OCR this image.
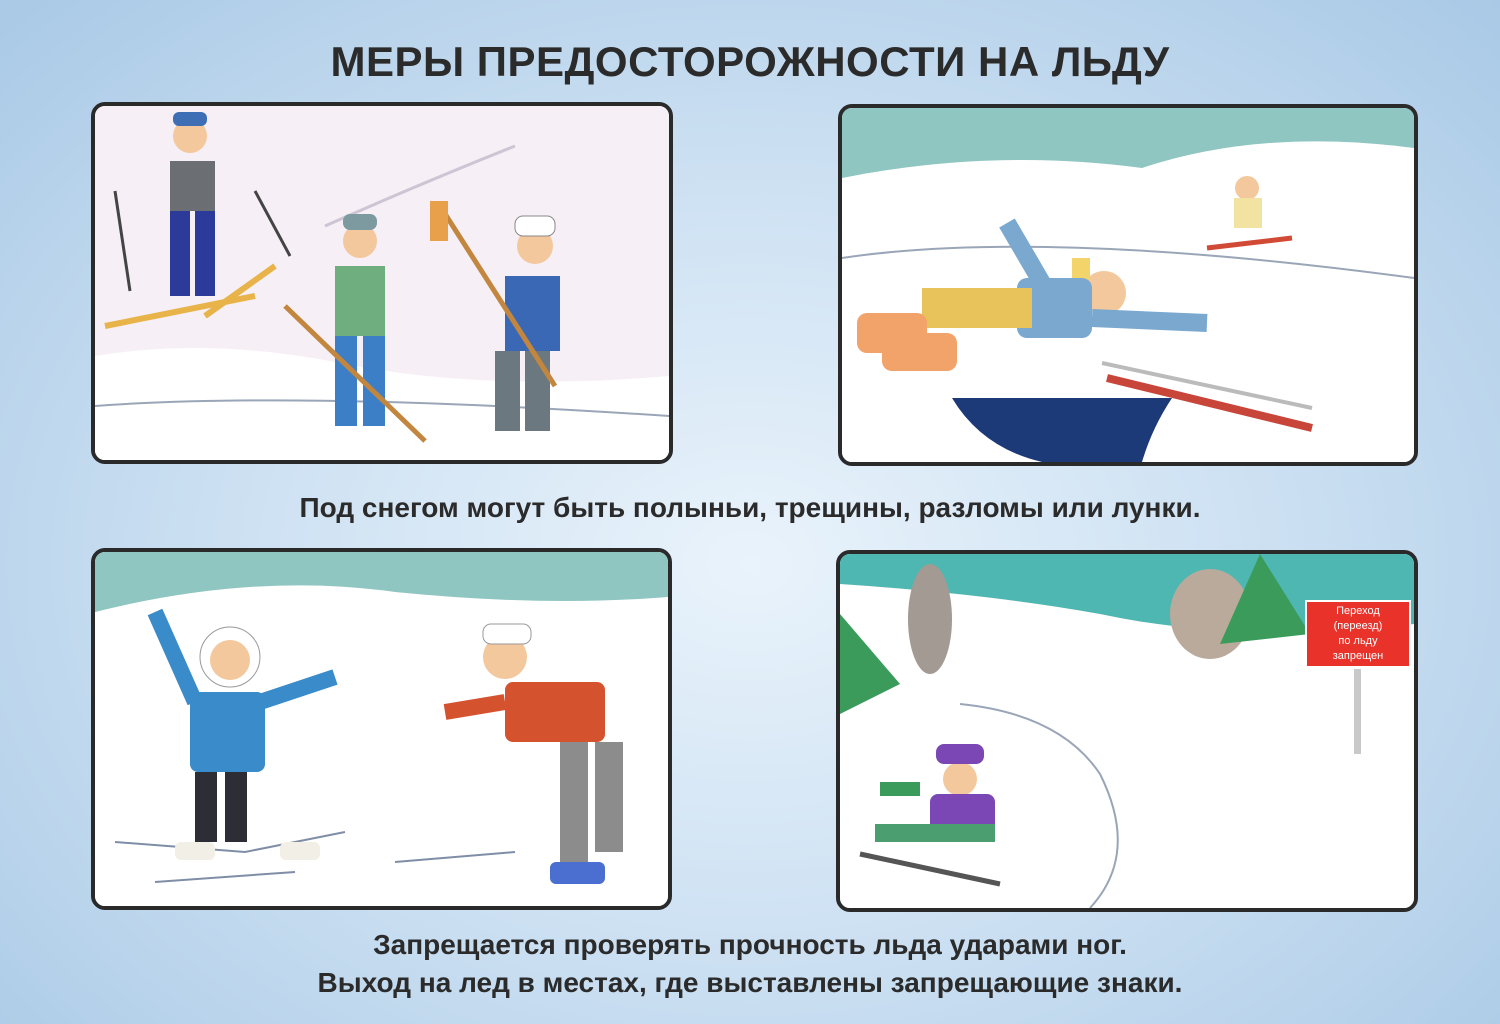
МЕРЫ ПРЕДОСТОРОЖНОСТИ НА ЛЬДУ
Под снегом могут быть полыньи, трещины, разломы или лунки.
Переход
(переезд)
по льду
запрещен
Запрещается проверять прочность льда ударами ног.
Выход на лед в местах, где выставлены запрещающие знаки.
